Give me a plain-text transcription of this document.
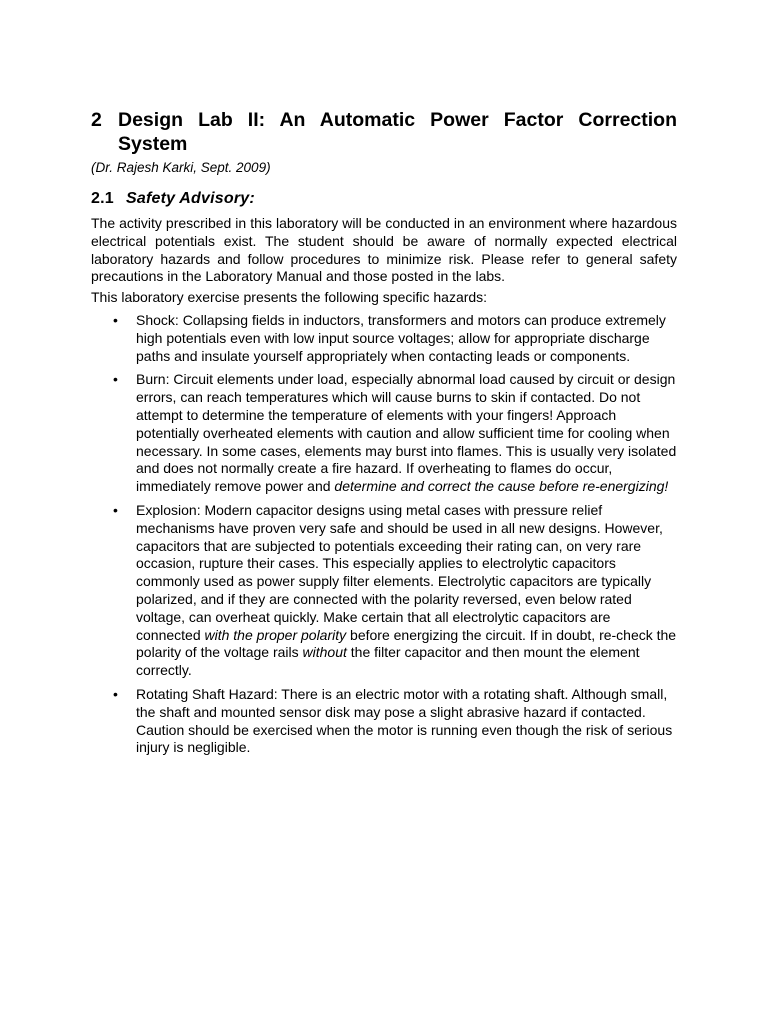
2 Design Lab II: An Automatic Power Factor Correction System
(Dr. Rajesh Karki, Sept. 2009)
2.1 Safety Advisory:

The activity prescribed in this laboratory will be conducted in an environment where hazardous electrical potentials exist. The student should be aware of normally expected electrical laboratory hazards and follow procedures to minimize risk. Please refer to general safety precautions in the Laboratory Manual and those posted in the labs.

This laboratory exercise presents the following specific hazards:

• Shock: Collapsing fields in inductors, transformers and motors can produce extremely high potentials even with low input source voltages; allow for appropriate discharge paths and insulate yourself appropriately when contacting leads or components.
• Burn: Circuit elements under load, especially abnormal load caused by circuit or design errors, can reach temperatures which will cause burns to skin if contacted. Do not attempt to determine the temperature of elements with your fingers! Approach potentially overheated elements with caution and allow sufficient time for cooling when necessary. In some cases, elements may burst into flames. This is usually very isolated and does not normally create a fire hazard. If overheating to flames do occur, immediately remove power and determine and correct the cause before re-energizing!
• Explosion: Modern capacitor designs using metal cases with pressure relief mechanisms have proven very safe and should be used in all new designs. However, capacitors that are subjected to potentials exceeding their rating can, on very rare occasion, rupture their cases. This especially applies to electrolytic capacitors commonly used as power supply filter elements. Electrolytic capacitors are typically polarized, and if they are connected with the polarity reversed, even below rated voltage, can overheat quickly. Make certain that all electrolytic capacitors are connected with the proper polarity before energizing the circuit. If in doubt, re-check the polarity of the voltage rails without the filter capacitor and then mount the element correctly.
• Rotating Shaft Hazard: There is an electric motor with a rotating shaft. Although small, the shaft and mounted sensor disk may pose a slight abrasive hazard if contacted. Caution should be exercised when the motor is running even though the risk of serious injury is negligible.
